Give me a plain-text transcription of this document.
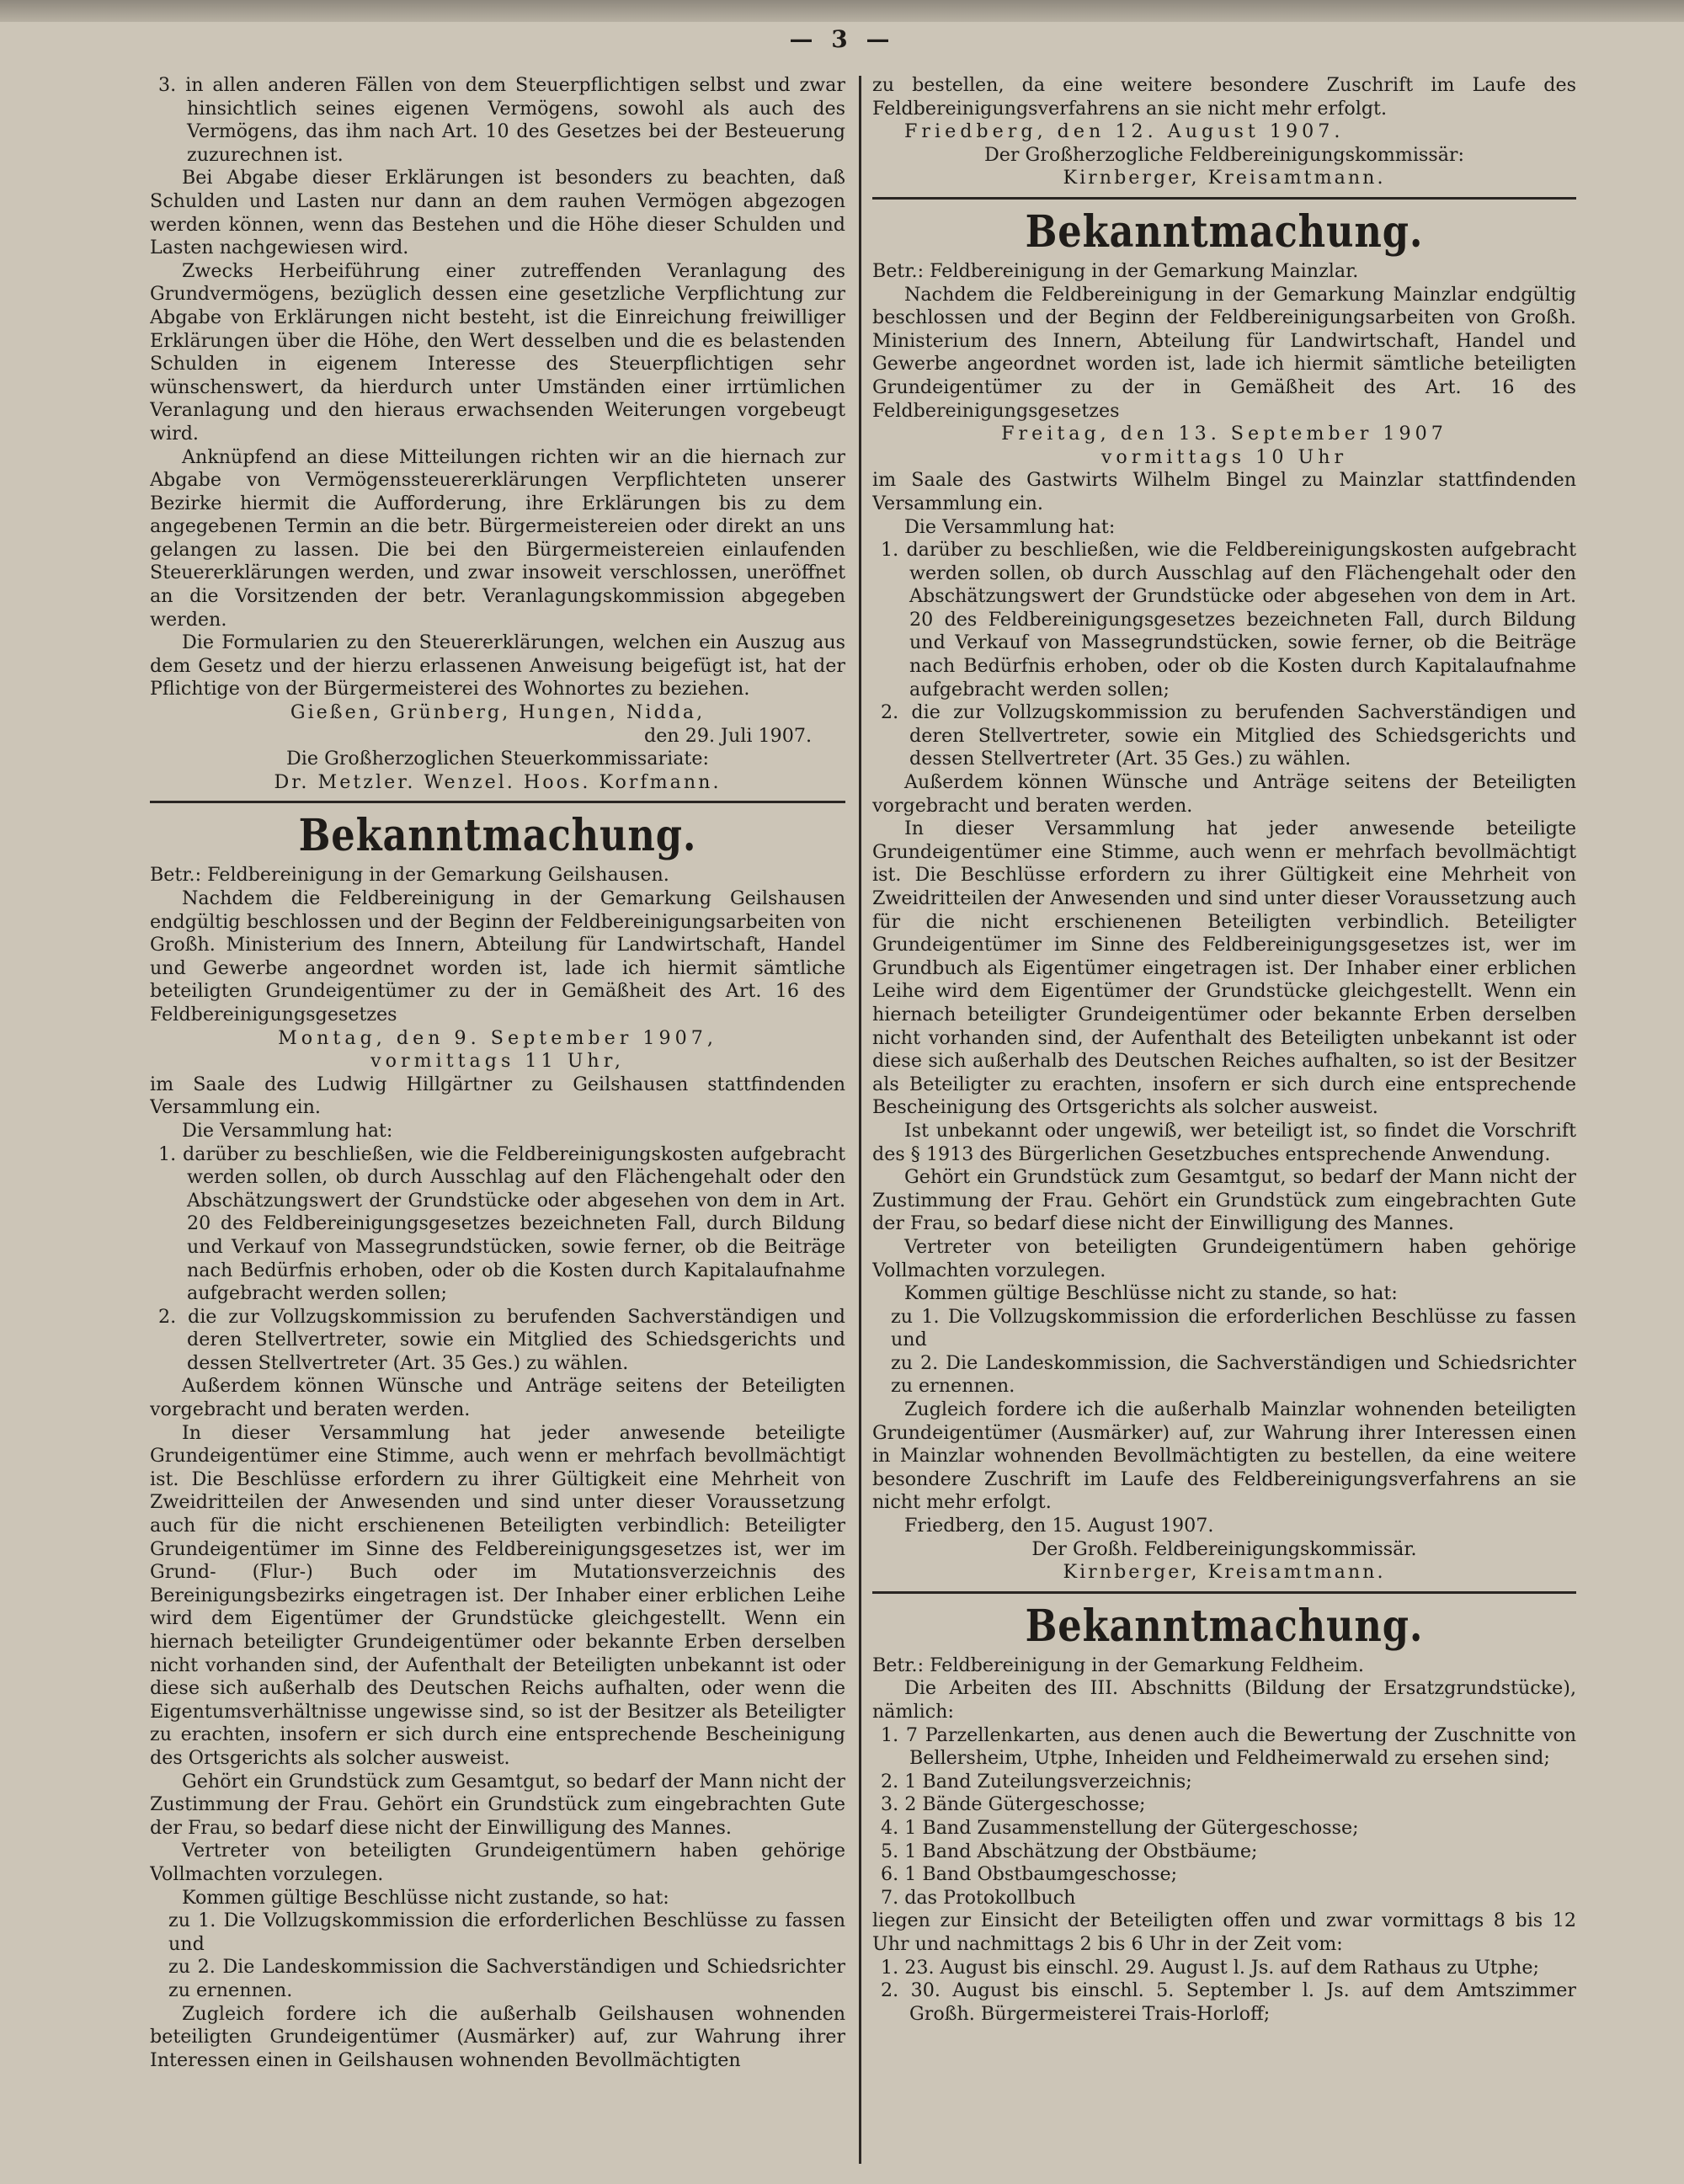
— 3 —

3. in allen anderen Fällen von dem Steuerpflichtigen selbst und zwar hinsichtlich seines eigenen Vermögens, sowohl als auch des Vermögens, das ihm nach Art. 10 des Gesetzes bei der Besteuerung zuzurechnen ist.

Bei Abgabe dieser Erklärungen ist besonders zu beachten, daß Schulden und Lasten nur dann an dem rauhen Vermögen abgezogen werden können, wenn das Bestehen und die Höhe dieser Schulden und Lasten nachgewiesen wird.

Zwecks Herbeiführung einer zutreffenden Veranlagung des Grundvermögens, bezüglich dessen eine gesetzliche Verpflichtung zur Abgabe von Erklärungen nicht besteht, ist die Einreichung freiwilliger Erklärungen über die Höhe, den Wert desselben und die es belastenden Schulden in eigenem Interesse des Steuerpflichtigen sehr wünschenswert, da hierdurch unter Umständen einer irrtümlichen Veranlagung und den hieraus erwachsenden Weiterungen vorgebeugt wird.

Anknüpfend an diese Mitteilungen richten wir an die hiernach zur Abgabe von Vermögenssteuererklärungen Verpflichteten unserer Bezirke hiermit die Aufforderung, ihre Erklärungen bis zu dem angegebenen Termin an die betr. Bürgermeistereien oder direkt an uns gelangen zu lassen. Die bei den Bürgermeistereien einlaufenden Steuererklärungen werden, und zwar insoweit verschlossen, uneröffnet an die Vorsitzenden der betr. Veranlagungskommission abgegeben werden.

Die Formularien zu den Steuererklärungen, welchen ein Auszug aus dem Gesetz und der hierzu erlassenen Anweisung beigefügt ist, hat der Pflichtige von der Bürgermeisterei des Wohnortes zu beziehen.

Gießen, Grünberg, Hungen, Nidda,

den 29. Juli 1907.

Die Großherzoglichen Steuerkommissariate:

Dr. Metzler. Wenzel. Hoos. Korfmann.

Bekanntmachung.

Betr.: Feldbereinigung in der Gemarkung Geilshausen.

Nachdem die Feldbereinigung in der Gemarkung Geilshausen endgültig beschlossen und der Beginn der Feldbereinigungsarbeiten von Großh. Ministerium des Innern, Abteilung für Landwirtschaft, Handel und Gewerbe angeordnet worden ist, lade ich hiermit sämtliche beteiligten Grundeigentümer zu der in Gemäßheit des Art. 16 des Feldbereinigungsgesetzes

Montag, den 9. September 1907,

vormittags 11 Uhr,

im Saale des Ludwig Hillgärtner zu Geilshausen stattfindenden Versammlung ein.

Die Versammlung hat:

1. darüber zu beschließen, wie die Feldbereinigungskosten aufgebracht werden sollen, ob durch Ausschlag auf den Flächengehalt oder den Abschätzungswert der Grundstücke oder abgesehen von dem in Art. 20 des Feldbereinigungsgesetzes bezeichneten Fall, durch Bildung und Verkauf von Massegrundstücken, sowie ferner, ob die Beiträge nach Bedürfnis erhoben, oder ob die Kosten durch Kapitalaufnahme aufgebracht werden sollen;

2. die zur Vollzugskommission zu berufenden Sachverständigen und deren Stellvertreter, sowie ein Mitglied des Schiedsgerichts und dessen Stellvertreter (Art. 35 Ges.) zu wählen.

Außerdem können Wünsche und Anträge seitens der Beteiligten vorgebracht und beraten werden.

In dieser Versammlung hat jeder anwesende beteiligte Grundeigentümer eine Stimme, auch wenn er mehrfach bevollmächtigt ist. Die Beschlüsse erfordern zu ihrer Gültigkeit eine Mehrheit von Zweidritteilen der Anwesenden und sind unter dieser Voraussetzung auch für die nicht erschienenen Beteiligten verbindlich: Beteiligter Grundeigentümer im Sinne des Feldbereinigungsgesetzes ist, wer im Grund- (Flur-) Buch oder im Mutationsverzeichnis des Bereinigungsbezirks eingetragen ist. Der Inhaber einer erblichen Leihe wird dem Eigentümer der Grundstücke gleichgestellt. Wenn ein hiernach beteiligter Grundeigentümer oder bekannte Erben derselben nicht vorhanden sind, der Aufenthalt der Beteiligten unbekannt ist oder diese sich außerhalb des Deutschen Reichs aufhalten, oder wenn die Eigentumsverhältnisse ungewisse sind, so ist der Besitzer als Beteiligter zu erachten, insofern er sich durch eine entsprechende Bescheinigung des Ortsgerichts als solcher ausweist.

Gehört ein Grundstück zum Gesamtgut, so bedarf der Mann nicht der Zustimmung der Frau. Gehört ein Grundstück zum eingebrachten Gute der Frau, so bedarf diese nicht der Einwilligung des Mannes.

Vertreter von beteiligten Grundeigentümern haben gehörige Vollmachten vorzulegen.

Kommen gültige Beschlüsse nicht zustande, so hat:

zu 1. Die Vollzugskommission die erforderlichen Beschlüsse zu fassen und

zu 2. Die Landeskommission die Sachverständigen und Schiedsrichter zu ernennen.

Zugleich fordere ich die außerhalb Geilshausen wohnenden beteiligten Grundeigentümer (Ausmärker) auf, zur Wahrung ihrer Interessen einen in Geilshausen wohnenden Bevollmächtigten

zu bestellen, da eine weitere besondere Zuschrift im Laufe des Feldbereinigungsverfahrens an sie nicht mehr erfolgt.

Friedberg, den 12. August 1907.

Der Großherzogliche Feldbereinigungskommissär:

Kirnberger, Kreisamtmann.

Bekanntmachung.

Betr.: Feldbereinigung in der Gemarkung Mainzlar.

Nachdem die Feldbereinigung in der Gemarkung Mainzlar endgültig beschlossen und der Beginn der Feldbereinigungsarbeiten von Großh. Ministerium des Innern, Abteilung für Landwirtschaft, Handel und Gewerbe angeordnet worden ist, lade ich hiermit sämtliche beteiligten Grundeigentümer zu der in Gemäßheit des Art. 16 des Feldbereinigungsgesetzes

Freitag, den 13. September 1907

vormittags 10 Uhr

im Saale des Gastwirts Wilhelm Bingel zu Mainzlar stattfindenden Versammlung ein.

Die Versammlung hat:

1. darüber zu beschließen, wie die Feldbereinigungskosten aufgebracht werden sollen, ob durch Ausschlag auf den Flächengehalt oder den Abschätzungswert der Grundstücke oder abgesehen von dem in Art. 20 des Feldbereinigungsgesetzes bezeichneten Fall, durch Bildung und Verkauf von Massegrundstücken, sowie ferner, ob die Beiträge nach Bedürfnis erhoben, oder ob die Kosten durch Kapitalaufnahme aufgebracht werden sollen;

2. die zur Vollzugskommission zu berufenden Sachverständigen und deren Stellvertreter, sowie ein Mitglied des Schiedsgerichts und dessen Stellvertreter (Art. 35 Ges.) zu wählen.

Außerdem können Wünsche und Anträge seitens der Beteiligten vorgebracht und beraten werden.

In dieser Versammlung hat jeder anwesende beteiligte Grundeigentümer eine Stimme, auch wenn er mehrfach bevollmächtigt ist. Die Beschlüsse erfordern zu ihrer Gültigkeit eine Mehrheit von Zweidritteilen der Anwesenden und sind unter dieser Voraussetzung auch für die nicht erschienenen Beteiligten verbindlich. Beteiligter Grundeigentümer im Sinne des Feldbereinigungsgesetzes ist, wer im Grundbuch als Eigentümer eingetragen ist. Der Inhaber einer erblichen Leihe wird dem Eigentümer der Grundstücke gleichgestellt. Wenn ein hiernach beteiligter Grundeigentümer oder bekannte Erben derselben nicht vorhanden sind, der Aufenthalt des Beteiligten unbekannt ist oder diese sich außerhalb des Deutschen Reiches aufhalten, so ist der Besitzer als Beteiligter zu erachten, insofern er sich durch eine entsprechende Bescheinigung des Ortsgerichts als solcher ausweist.

Ist unbekannt oder ungewiß, wer beteiligt ist, so findet die Vorschrift des § 1913 des Bürgerlichen Gesetzbuches entsprechende Anwendung.

Gehört ein Grundstück zum Gesamtgut, so bedarf der Mann nicht der Zustimmung der Frau. Gehört ein Grundstück zum eingebrachten Gute der Frau, so bedarf diese nicht der Einwilligung des Mannes.

Vertreter von beteiligten Grundeigentümern haben gehörige Vollmachten vorzulegen.

Kommen gültige Beschlüsse nicht zu stande, so hat:

zu 1. Die Vollzugskommission die erforderlichen Beschlüsse zu fassen und

zu 2. Die Landeskommission, die Sachverständigen und Schiedsrichter zu ernennen.

Zugleich fordere ich die außerhalb Mainzlar wohnenden beteiligten Grundeigentümer (Ausmärker) auf, zur Wahrung ihrer Interessen einen in Mainzlar wohnenden Bevollmächtigten zu bestellen, da eine weitere besondere Zuschrift im Laufe des Feldbereinigungsverfahrens an sie nicht mehr erfolgt.

Friedberg, den 15. August 1907.

Der Großh. Feldbereinigungskommissär.

Kirnberger, Kreisamtmann.

Bekanntmachung.

Betr.: Feldbereinigung in der Gemarkung Feldheim.

Die Arbeiten des III. Abschnitts (Bildung der Ersatzgrundstücke), nämlich:

1. 7 Parzellenkarten, aus denen auch die Bewertung der Zuschnitte von Bellersheim, Utphe, Inheiden und Feldheimerwald zu ersehen sind;

2. 1 Band Zuteilungsverzeichnis;

3. 2 Bände Gütergeschosse;

4. 1 Band Zusammenstellung der Gütergeschosse;

5. 1 Band Abschätzung der Obstbäume;

6. 1 Band Obstbaumgeschosse;

7. das Protokollbuch

liegen zur Einsicht der Beteiligten offen und zwar vormittags 8 bis 12 Uhr und nachmittags 2 bis 6 Uhr in der Zeit vom:

1. 23. August bis einschl. 29. August l. Js. auf dem Rathaus zu Utphe;

2. 30. August bis einschl. 5. September l. Js. auf dem Amtszimmer Großh. Bürgermeisterei Trais-Horloff;
